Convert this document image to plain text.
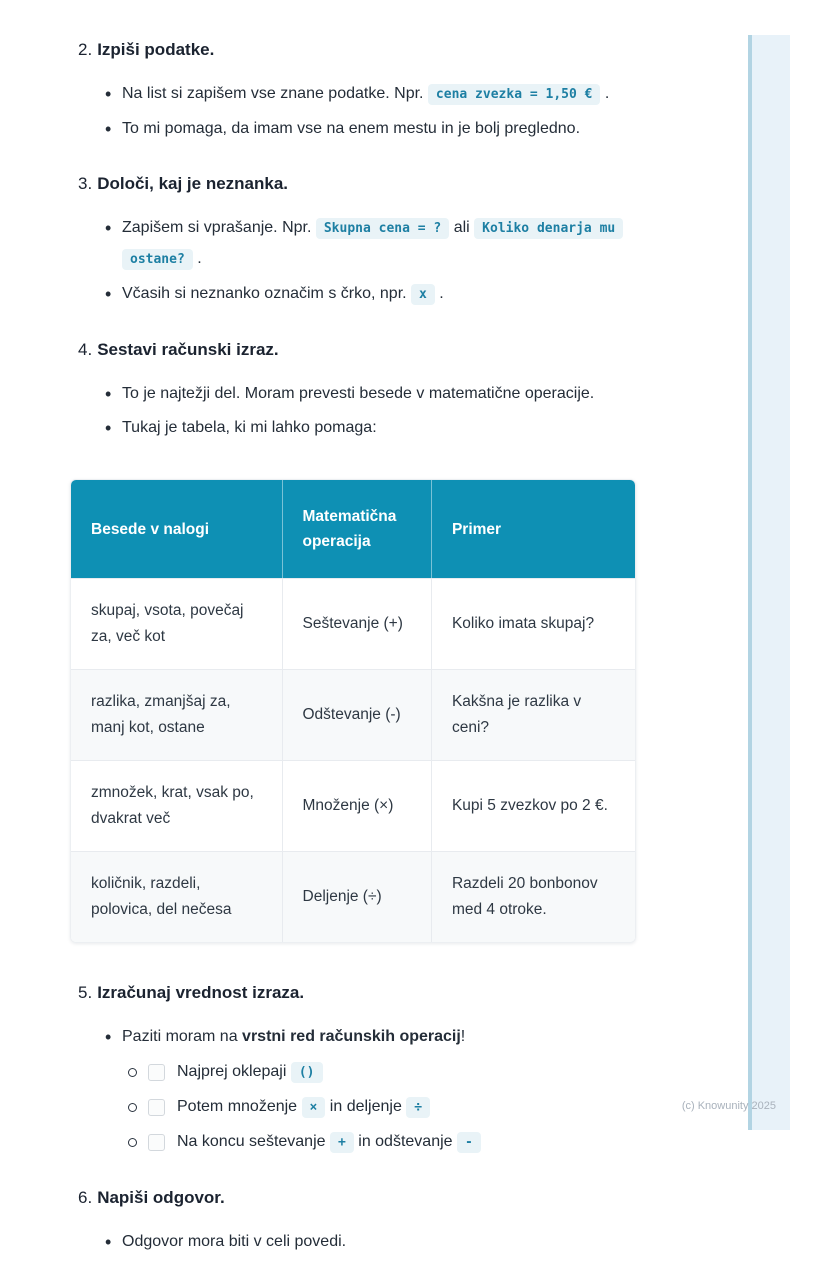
2. Izpiši podatke.
• Na list si zapišem vse znane podatke. Npr. cena zvezka = 1,50 € .
• To mi pomaga, da imam vse na enem mestu in je bolj pregledno.
3. Določi, kaj je neznanka.
• Zapišem si vprašanje. Npr. Skupna cena = ? ali Koliko denarja mu ostane? .
• Včasih si neznanko označim s črko, npr. x .
4. Sestavi računski izraz.
• To je najtežji del. Moram prevesti besede v matematične operacije.
• Tukaj je tabela, ki mi lahko pomaga:
Besede v nalogi	Matematična operacija	Primer
skupaj, vsota, povečaj za, več kot	Seštevanje (+)	Koliko imata skupaj?
razlika, zmanjšaj za, manj kot, ostane	Odštevanje (-)	Kakšna je razlika v ceni?
zmnožek, krat, vsak po, dvakrat več	Množenje (×)	Kupi 5 zvezkov po 2 €.
količnik, razdeli, polovica, del nečesa	Deljenje (÷)	Razdeli 20 bonbonov med 4 otroke.
5. Izračunaj vrednost izraza.
• Paziti moram na vrstni red računskih operacij!
Najprej oklepaji ()
Potem množenje × in deljenje ÷
Na koncu seštevanje + in odštevanje -
6. Napiši odgovor.
• Odgovor mora biti v celi povedi.
(c) Knowunity 2025
